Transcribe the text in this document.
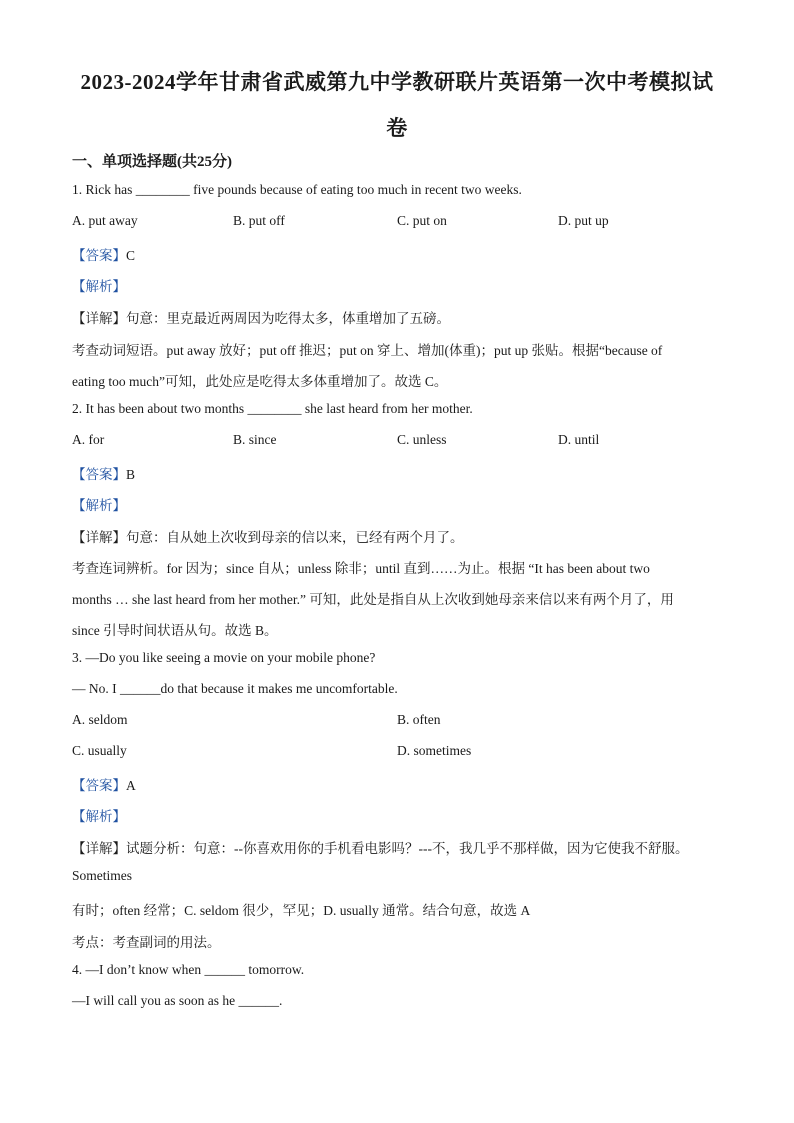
2023-2024学年甘肃省武威第九中学教研联片英语第一次中考模拟试
卷
一、单项选择题(共25分)
1. Rick has ________ five pounds because of eating too much in recent two weeks.
A. put away	B. put off	C. put on	D. put up
【答案】C
【解析】
【详解】句意：里克最近两周因为吃得太多，体重增加了五磅。
考查动词短语。put away 放好；put off 推迟；put on 穿上、增加(体重)；put up 张贴。根据“because of
eating too much”可知，此处应是吃得太多体重增加了。故选 C。
2. It has been about two months ________ she last heard from her mother.
A. for	B. since	C. unless	D. until
【答案】B
【解析】
【详解】句意：自从她上次收到母亲的信以来，已经有两个月了。
考查连词辨析。for 因为；since 自从；unless 除非；until 直到……为止。根据 “It has been about two
months … she last heard from her mother.” 可知，此处是指自从上次收到她母亲来信以来有两个月了，用
since 引导时间状语从句。故选 B。
3. —Do you like seeing a movie on your mobile phone?
— No. I ______do that because it makes me uncomfortable.
A. seldom	B. often
C. usually	D. sometimes
【答案】A
【解析】
【详解】试题分析：句意：--你喜欢用你的手机看电影吗？---不，我几乎不那样做，因为它使我不舒服。
Sometimes
有时；often 经常；C. seldom 很少，罕见；D. usually 通常。结合句意，故选 A
考点：考查副词的用法。
4. —I don’t know when ______ tomorrow.
—I will call you as soon as he ______.
